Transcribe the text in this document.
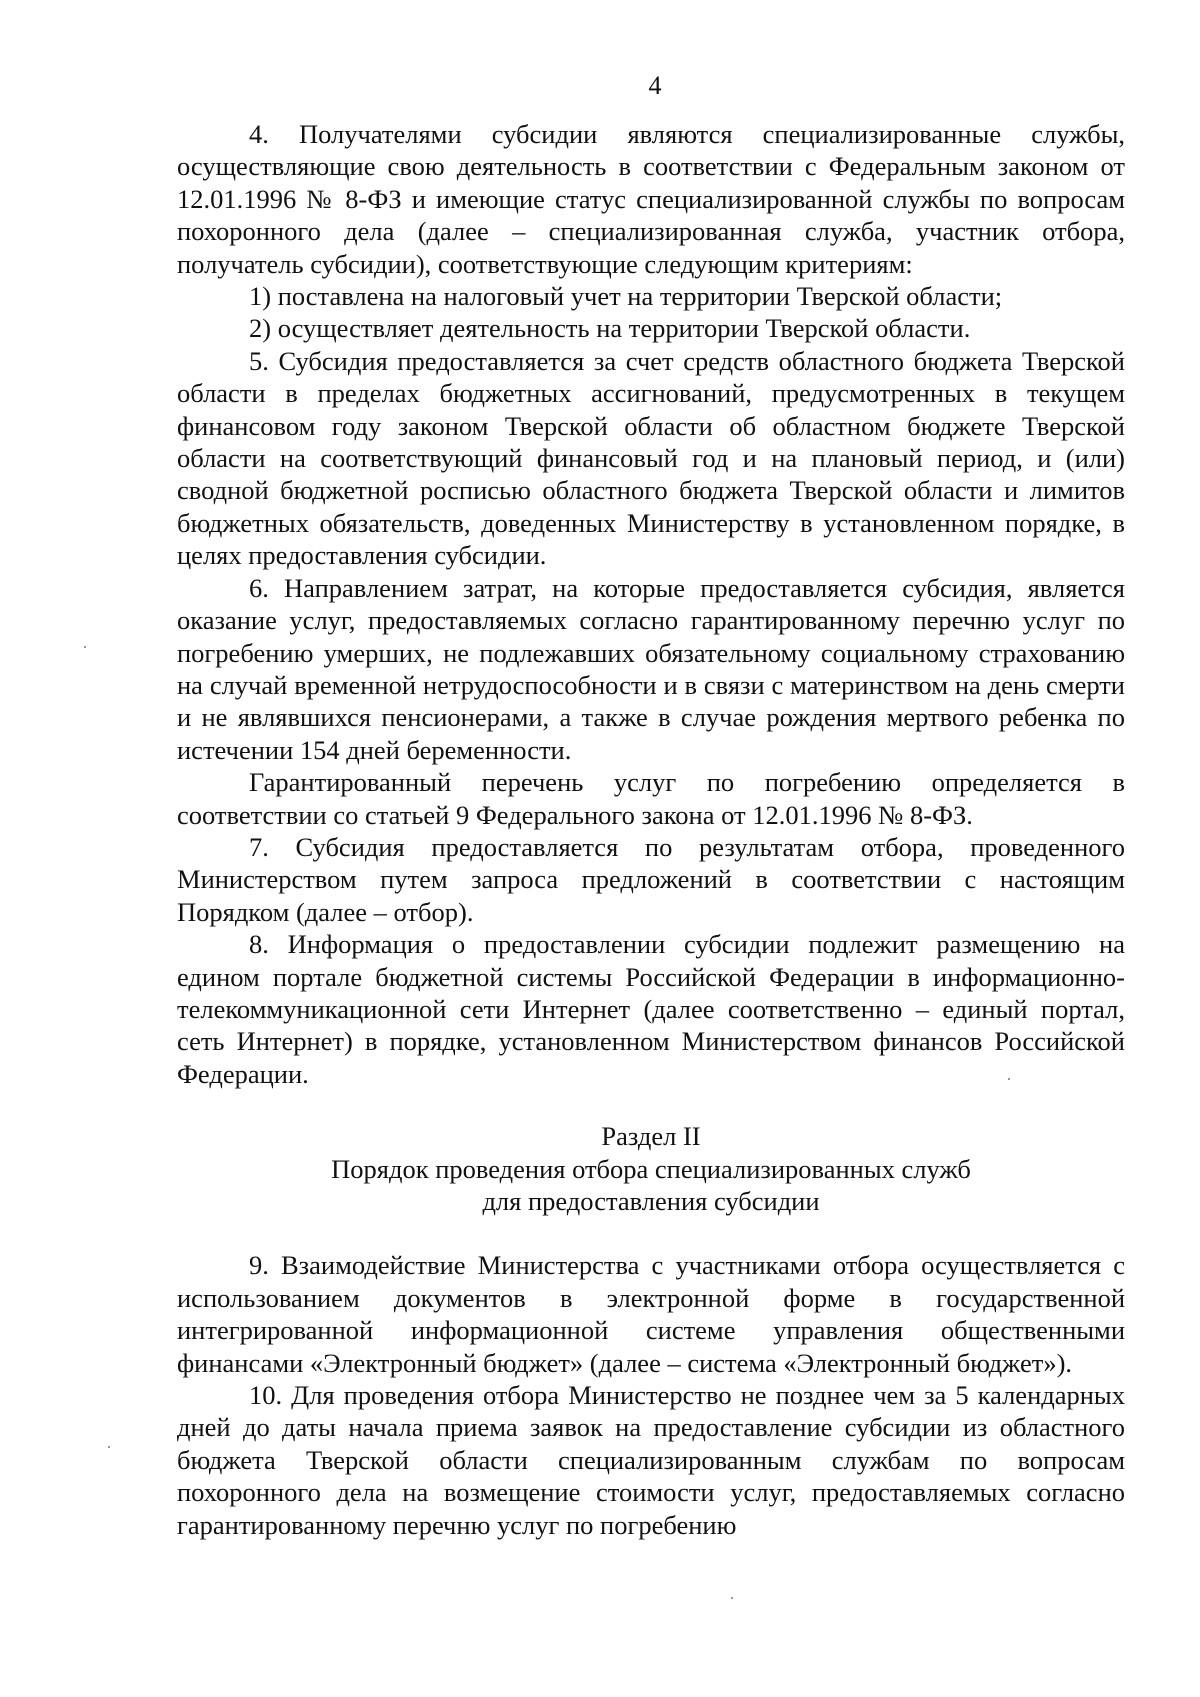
4

4. Получателями субсидии являются специализированные службы, осуществляющие свою деятельность в соответствии с Федеральным законом от 12.01.1996 № 8-ФЗ и имеющие статус специализированной службы по вопросам похоронного дела (далее – специализированная служба, участник отбора, получатель субсидии), соответствующие следующим критериям:

1) поставлена на налоговый учет на территории Тверской области;

2) осуществляет деятельность на территории Тверской области.

5. Субсидия предоставляется за счет средств областного бюджета Тверской области в пределах бюджетных ассигнований, предусмотренных в текущем финансовом году законом Тверской области об областном бюджете Тверской области на соответствующий финансовый год и на плановый период, и (или) сводной бюджетной росписью областного бюджета Тверской области и лимитов бюджетных обязательств, доведенных Министерству в установленном порядке, в целях предоставления субсидии.

6. Направлением затрат, на которые предоставляется субсидия, является оказание услуг, предоставляемых согласно гарантированному перечню услуг по погребению умерших, не подлежавших обязательному социальному страхованию на случай временной нетрудоспособности и в связи с материнством на день смерти и не являвшихся пенсионерами, а также в случае рождения мертвого ребенка по истечении 154 дней беременности.

Гарантированный перечень услуг по погребению определяется в соответствии со статьей 9 Федерального закона от 12.01.1996 № 8-ФЗ.

7. Субсидия предоставляется по результатам отбора, проведенного Министерством путем запроса предложений в соответствии с настоящим Порядком (далее – отбор).

8. Информация о предоставлении субсидии подлежит размещению на едином портале бюджетной системы Российской Федерации в информационно-телекоммуникационной сети Интернет (далее соответственно – единый портал, сеть Интернет) в порядке, установленном Министерством финансов Российской Федерации.

Раздел II
Порядок проведения отбора специализированных служб
для предоставления субсидии

9. Взаимодействие Министерства с участниками отбора осуществляется с использованием документов в электронной форме в государственной интегрированной информационной системе управления общественными финансами «Электронный бюджет» (далее – система «Электронный бюджет»).

10. Для проведения отбора Министерство не позднее чем за 5 календарных дней до даты начала приема заявок на предоставление субсидии из областного бюджета Тверской области специализированным службам по вопросам похоронного дела на возмещение стоимости услуг, предоставляемых согласно гарантированному перечню услуг по погребению
